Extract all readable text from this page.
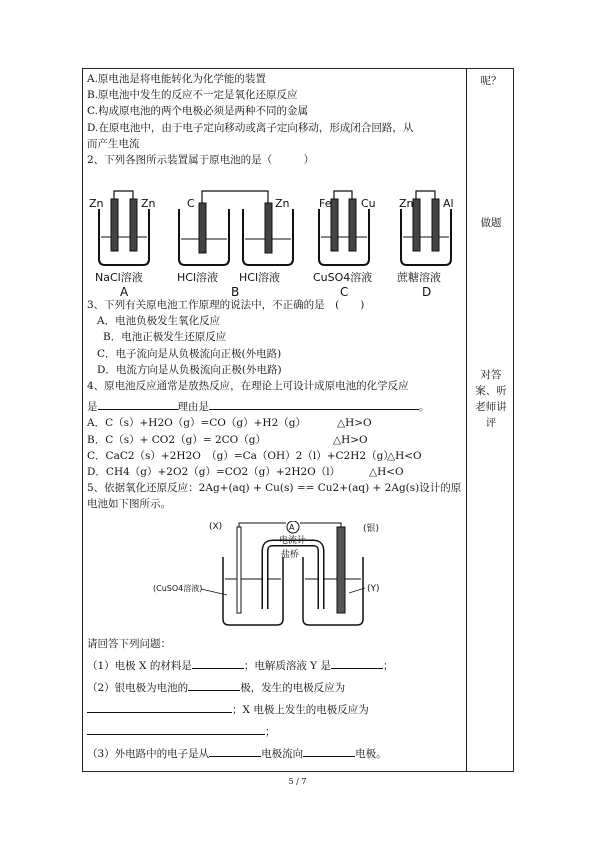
A.原电池是将电能转化为化学能的装置

B.原电池中发生的反应不一定是氧化还原反应

C.构成原电池的两个电极必须是两种不同的金属

D.在原电池中，由于电子定向移动或离子定向移动，形成闭合回路，从

而产生电流

2、下列各图所示装置属于原电池的是（　　　）

Zn	Zn	C	Zn	Fe	Cu Zn	Al
NaCl溶液	HCl溶液 HCl溶液	CuSO4溶液 蔗糖溶液
A	B	C	D

3、下列有关原电池工作原理的说法中，不正确的是　(　　)

A．电池负极发生氧化反应

B．电池正极发生还原反应

C．电子流向是从负极流向正极(外电路)

D．电流方向是从负极流向正极(外电路)

4、原电池反应通常是放热反应，在理论上可设计成原电池的化学反应

是	理由是	。

A．C（s）+H2O（g）=CO（g）+H2（g）	△H>O

B．C（s）+ CO2（g）= 2CO（g）	△H>O

C．CaC2（s）+2H2O　（g）=Ca（OH）2（l）+C2H2（g）
△H<O

D．CH4（g）+2O2（g）=CO2（g）+2H2O（l）	△H<O

5、依据氧化还原反应：2Ag+(aq) + Cu(s) == Cu2+(aq) + 2Ag(s)设计的原

电池如下图所示。

A
电流计
盐桥
(X)	(银)
(CuSO4溶液)	(Y)

请回答下列问题：

（1）电极 X 的材料是	；电解质溶液 Y 是	；

（2）银电极为电池的	极，发生的电极反应为

；X 电极上发生的电极反应为

；

（3）外电路中的电子是从	电极流向	电极。

呢？
做题
对答
案、听
老师讲
评
5 / 7
